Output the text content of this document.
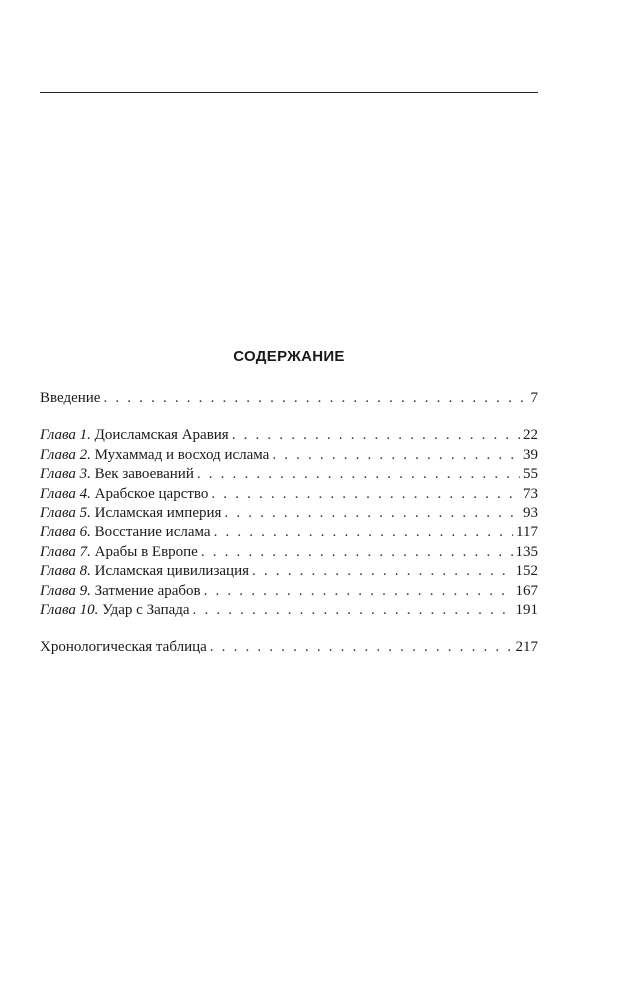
СОДЕРЖАНИЕ
Введение . . .	7
Глава 1. Доисламская Аравия . . .	22
Глава 2. Мухаммад и восход ислама . . .	39
Глава 3. Век завоеваний . . .	55
Глава 4. Арабское царство . . .	73
Глава 5. Исламская империя . . .	93
Глава 6. Восстание ислама . . .	117
Глава 7. Арабы в Европе . . .	135
Глава 8. Исламская цивилизация . . .	152
Глава 9. Затмение арабов . . .	167
Глава 10. Удар с Запада . . .	191
Хронологическая таблица . . .	217
